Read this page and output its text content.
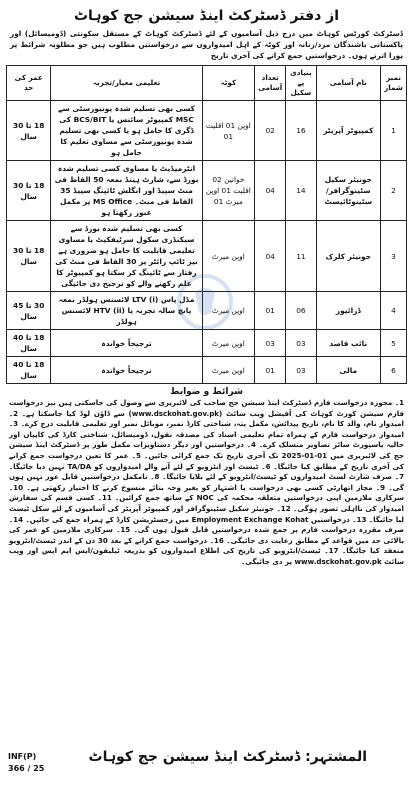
از دفتر ڈسٹرکٹ اینڈ سیشن جج کوہاٹ
ڈسٹرکٹ کورٹس کوہاٹ میں درج ذیل آسامیوں کے لئے ڈسٹرکٹ کوہاٹ کے مستقل سکونتی (ڈومیسائل) اور پاکستانی باشندگان مرد/زنانہ اور کوٹہ کے اہل امیدواروں سے درخواستیں مطلوب ہیں جو مطلوبہ شرائط پر پورا اترتے ہوں۔ درخواستیں جمع کرانے کی آخری تاریخ
نمبر شمار	نام آسامی	بنیادی پے سکیل	تعداد آسامی	کوٹہ	تعلیمی معیار/تجربہ	عمر کی حد
1	کمپیوٹر آپریٹر	16	02	اوپن 01 اقلیت 01	کسی بھی تسلیم شدہ یونیورسٹی سے MSC کمپیوٹر سائنس یا BCS/BIT کی ڈگری کا حامل ہو یا کسی بھی تسلیم شدہ یونیورسٹی سے مساوی تعلیم کا حامل ہو	18 تا 30 سال
2	جونیئر سکیل سٹینوگرافر/ سٹینوٹائپسٹ	14	04	خواتین 02 اقلیت 01 اوپن میرٹ 01	انٹرمیڈیٹ یا مساوی کسی تسلیم شدہ بورڈ سے، شارٹ ہینڈ بمعہ 50 الفاظ فی منٹ سپیڈ اور انگلش ٹائپنگ سپیڈ 35 الفاظ فی منٹ۔ MS Office پر مکمل عبور رکھتا ہو	18 تا 30 سال
3	جونیئر کلرک	11	04	اوپن میرٹ	کسی بھی تسلیم شدہ بورڈ سے سیکنڈری سکول سرٹیفکیٹ یا مساوی تعلیمی قابلیت کا حامل ہو ضروری ہے نیز ٹائپ رائٹر پر 30 الفاظ فی منٹ کی رفتار سے ٹائپنگ کر سکتا ہو کمپیوٹر کا علم رکھنے والے کو ترجیح دی جائیگی	18 تا 30 سال
4	ڈرائیور	06	01	اوپن میرٹ	مڈل پاس (i) LTV لائسنس ہولڈر بمعہ پانچ سالہ تجربہ یا (ii) HTV لائسنس ہولڈر	30 تا 45 سال
5	نائب قاصد	03	03	اوپن میرٹ	ترجیحاً خواندہ	18 تا 40 سال
6	مالی	03	01	اوپن میرٹ	ترجیحاً خواندہ	18 تا 40 سال
شرائط و ضوابط
1۔ مجوزہ درخواست فارم ڈسٹرکٹ اینڈ سیشن جج صاحب کی لائبریری سے وصول کی جاسکتی ہیں نیز درخواست فارم سیشن کورٹ کوہاٹ کی آفیشل ویب سائٹ (www.dsckohat.gov.pk) سے ڈاؤن لوڈ کیا جاسکتا ہے۔ 2۔ امیدوار نام، والد کا نام، تاریخ پیدائش، مکمل پتہ، شناختی کارڈ نمبر، موبائل نمبر اور تعلیمی قابلیت درج کرے۔ 3۔ امیدوار درخواست فارم کے ہمراہ تمام تعلیمی اسناد کی مصدقہ نقول، ڈومیسائل، شناختی کارڈ کی کاپیاں اور حالیہ پاسپورٹ سائز تصاویر منسلک کرے۔ 4۔ درخواستیں اور دیگر دستاویزات مکمل طور پر ڈسٹرکٹ اینڈ سیشن جج کی لائبریری میں 01-01-2025 تک آخری تاریخ تک جمع کرائی جائیں۔ 5۔ عمر کا تعین درخواست جمع کرانے کی آخری تاریخ کے مطابق کیا جائیگا۔ 6۔ ٹیسٹ اور انٹرویو کے لئے آنے والے امیدواروں کو TA/DA نہیں دیا جائیگا۔ 7۔ صرف شارٹ لسٹ امیدواروں کو ٹیسٹ/انٹرویو کے لئے بلایا جائیگا۔ 8۔ نامکمل درخواستیں قابل غور نہیں ہوں گی۔ 9۔ مجاز اتھارٹی کسی بھی درخواست یا اشتہار کو بغیر وجہ بتائے منسوخ کرنے کا اختیار رکھتی ہے۔ 10۔ سرکاری ملازمین اپنی درخواستیں متعلقہ محکمہ کی NOC کے ساتھ جمع کرائیں۔ 11۔ کسی قسم کی سفارش امیدوار کی نااہلی تصور ہوگی۔ 12۔ جونیئر سکیل سٹینوگرافر اور کمپیوٹر آپریٹر کی آسامیوں کے لئے سکل ٹیسٹ لیا جائیگا۔ 13۔ درخواستیں Employment Exchange Kohat میں رجسٹریشن کارڈ کے ہمراہ جمع کی جائیں۔ 14۔ صرف مقررہ درخواست فارم پر جمع شدہ درخواستیں قابل قبول ہوں گی۔ 15۔ سرکاری ملازمین کو عمر کی بالائی حد میں قواعد کے مطابق رعایت دی جائیگی۔ 16۔ درخواست جمع کرانے کے بعد 30 دن کے اندر ٹیسٹ/انٹرویو منعقد کیا جائیگا۔ 17۔ ٹیسٹ/انٹرویو کی تاریخ کی اطلاع امیدواروں کو بذریعہ ٹیلیفون/ایس ایم ایس اور ویب سائٹ www.dsckohat.gov.pk پر دی جائیگی۔
المشتہر: ڈسٹرکٹ اینڈ سیشن جج کوہاٹ
INF(P)
366 / 25
